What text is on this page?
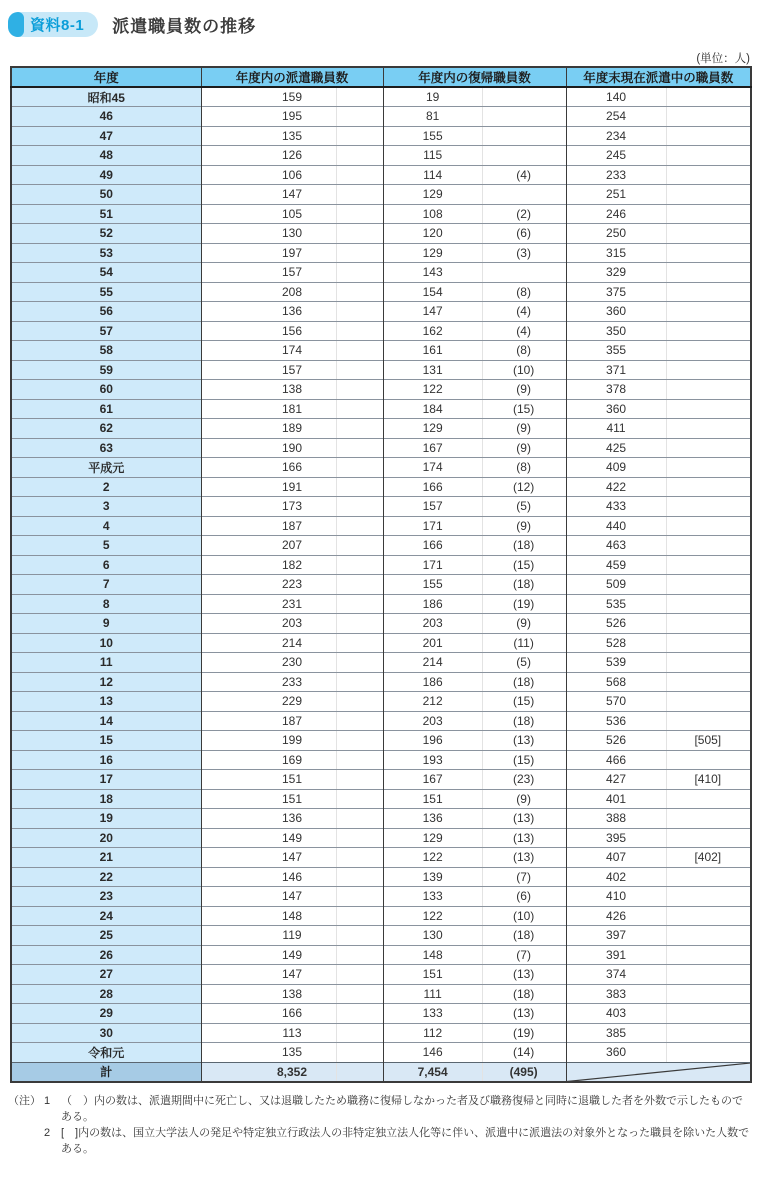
資料8-1 派遣職員数の推移
(単位：人)
年度	年度内の派遣職員数	年度内の復帰職員数	年度末現在派遣中の職員数
昭和45	159	19	140

46	195	81	254

47	135	155	234

48	126	115	245

49	106	114 (4)	233

50	147	129	251

51	105	108 (2)	246

52	130	120 (6)	250

53	197	129 (3)	315

54	157	143	329

55	208	154 (8)	375

56	136	147 (4)	360

57	156	162 (4)	350

58	174	161 (8)	355

59	157	131 (10)	371

60	138	122 (9)	378

61	181	184 (15)	360

62	189	129 (9)	411

63	190	167 (9)	425

平成元	166	174 (8)	409

2	191	166 (12)	422

3	173	157 (5)	433

4	187	171 (9)	440

5	207	166 (18)	463

6	182	171 (15)	459

7	223	155 (18)	509

8	231	186 (19)	535

9	203	203 (9)	526

10	214	201 (11)	528

11	230	214 (5)	539

12	233	186 (18)	568

13	229	212 (15)	570

14	187	203 (18)	536

15	199	196 (13)	526 [505]

16	169	193 (15)	466

17	151	167 (23)	427 [410]

18	151	151 (9)	401

19	136	136 (13)	388

20	149	129 (13)	395

21	147	122 (13)	407 [402]

22	146	139 (7)	402

23	147	133 (6)	410

24	148	122 (10)	426

25	119	130 (18)	397

26	149	148 (7)	391

27	147	151 (13)	374

28	138	111 (18)	383

29	166	133 (13)	403

30	113	112 (19)	385

令和元	135	146 (14)	360

計	8,352	7,454 (495)

（注） 1 （　）内の数は、派遣期間中に死亡し、又は退職したため職務に復帰しなかった者及び職務復帰と同時に退職した者を外数で示したものである。
2 [　]内の数は、国立大学法人の発足や特定独立行政法人の非特定独立法人化等に伴い、派遣中に派遣法の対象外となった職員を除いた人数である。
